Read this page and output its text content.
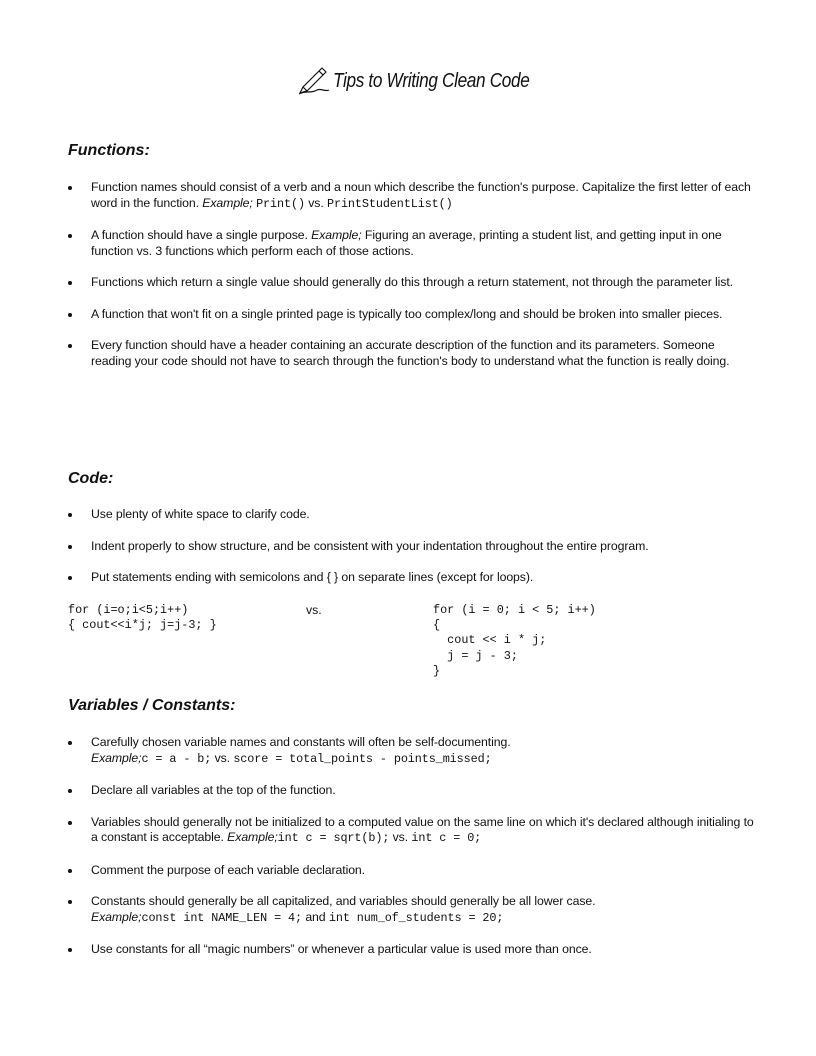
Tips to Writing Clean Code
Functions:
Function names should consist of a verb and a noun which describe the function's purpose. Capitalize the first letter of each word in the function. Example; Print() vs. PrintStudentList()
A function should have a single purpose. Example; Figuring an average, printing a student list, and getting input in one function vs. 3 functions which perform each of those actions.
Functions which return a single value should generally do this through a return statement, not through the parameter list.
A function that won't fit on a single printed page is typically too complex/long and should be broken into smaller pieces.
Every function should have a header containing an accurate description of the function and its parameters. Someone reading your code should not have to search through the function's body to understand what the function is really doing.
Code:
Use plenty of white space to clarify code.
Indent properly to show structure, and be consistent with your indentation throughout the entire program.
Put statements ending with semicolons and { } on separate lines (except for loops).
for (i=o;i<5;i++)
{ cout<<i*j; j=j-3; }
vs.	for (i = 0; i < 5; i++)
{
cout << i * j;
j = j - 3;
}
Variables / Constants:
Carefully chosen variable names and constants will often be self-documenting.
Example;c = a - b; vs. score = total_points - points_missed;
Declare all variables at the top of the function.
Variables should generally not be initialized to a computed value on the same line on which it's declared although initialing to a constant is acceptable. Example;int c = sqrt(b); vs. int c = 0;
Comment the purpose of each variable declaration.
Constants should generally be all capitalized, and variables should generally be all lower case.
Example;const int NAME_LEN = 4; and int num_of_students = 20;
Use constants for all “magic numbers” or whenever a particular value is used more than once.
